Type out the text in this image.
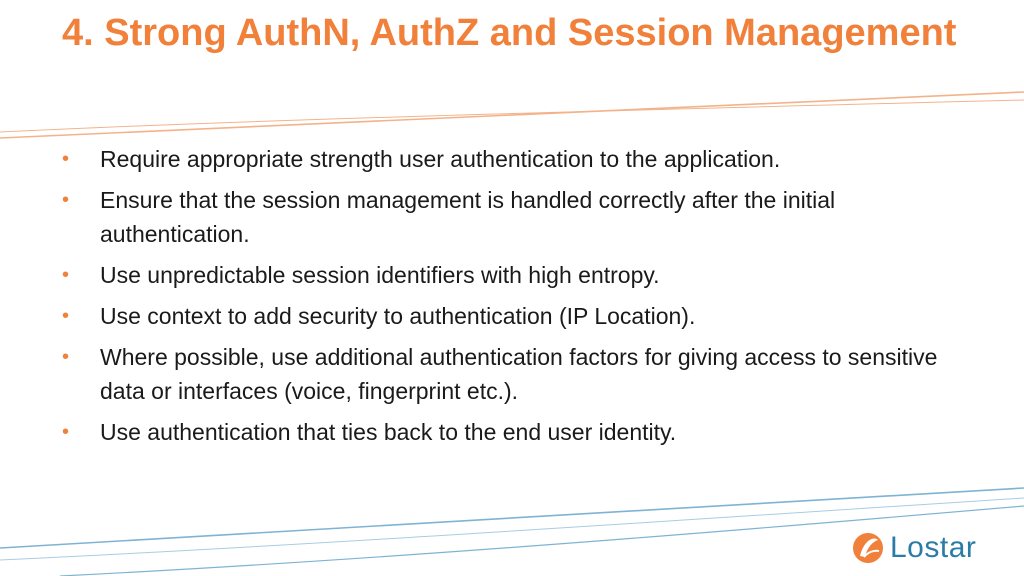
4. Strong AuthN, AuthZ and Session Management
• Require appropriate strength user authentication to the application.
• Ensure that the session management is handled correctly after the initial authentication.
• Use unpredictable session identifiers with high entropy.
• Use context to add security to authentication (IP Location).
• Where possible, use additional authentication factors for giving access to sensitive data or interfaces (voice, fingerprint etc.).
• Use authentication that ties back to the end user identity.
Lostar
